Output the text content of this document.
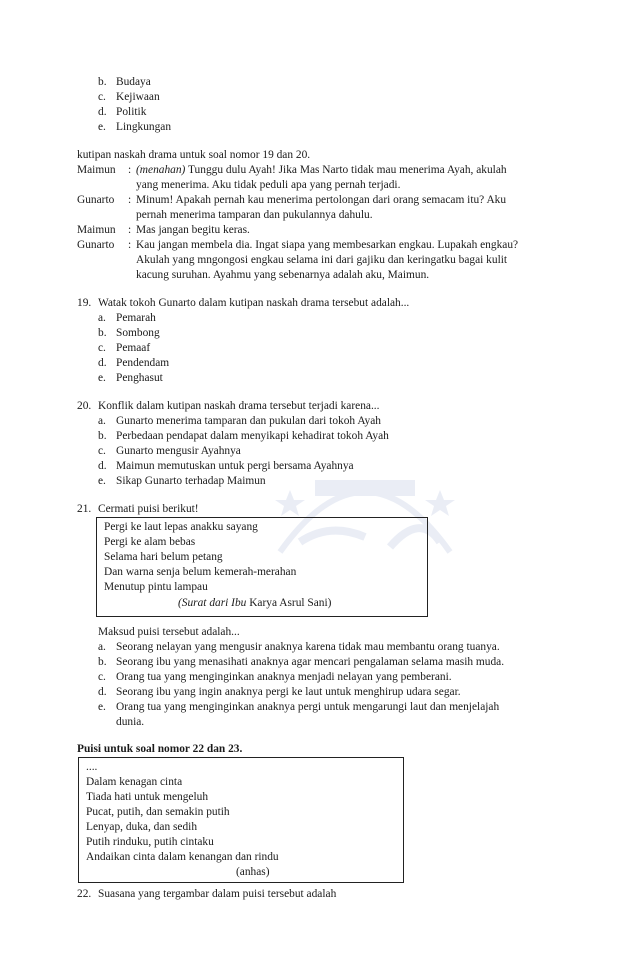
b. Budaya
c. Kejiwaan
d. Politik
e. Lingkungan
kutipan naskah drama untuk soal nomor 19 dan 20.
Maimun : (menahan) Tunggu dulu Ayah! Jika Mas Narto tidak mau menerima Ayah, akulah
yang menerima. Aku tidak peduli apa yang pernah terjadi.
Gunarto : Minum! Apakah pernah kau menerima pertolongan dari orang semacam itu? Aku
pernah menerima tamparan dan pukulannya dahulu.
Maimun : Mas jangan begitu keras.
Gunarto : Kau jangan membela dia. Ingat siapa yang membesarkan engkau. Lupakah engkau?
Akulah yang mngongosi engkau selama ini dari gajiku dan keringatku bagai kulit
kacung suruhan. Ayahmu yang sebenarnya adalah aku, Maimun.
19. Watak tokoh Gunarto dalam kutipan naskah drama tersebut adalah...
a. Pemarah
b. Sombong
c. Pemaaf
d. Pendendam
e. Penghasut
20. Konflik dalam kutipan naskah drama tersebut terjadi karena...
a. Gunarto menerima tamparan dan pukulan dari tokoh Ayah
b. Perbedaan pendapat dalam menyikapi kehadirat tokoh Ayah
c. Gunarto mengusir Ayahnya
d. Maimun memutuskan untuk pergi bersama Ayahnya
e. Sikap Gunarto terhadap Maimun
21. Cermati puisi berikut!
Pergi ke laut lepas anakku sayang
Pergi ke alam bebas
Selama hari belum petang
Dan warna senja belum kemerah-merahan
Menutup pintu lampau
(Surat dari Ibu Karya Asrul Sani)
Maksud puisi tersebut adalah...
a. Seorang nelayan yang mengusir anaknya karena tidak mau membantu orang tuanya.
b. Seorang ibu yang menasihati anaknya agar mencari pengalaman selama masih muda.
c. Orang tua yang menginginkan anaknya menjadi nelayan yang pemberani.
d. Seorang ibu yang ingin anaknya pergi ke laut untuk menghirup udara segar.
e. Orang tua yang menginginkan anaknya pergi untuk mengarungi laut dan menjelajah
dunia.
Puisi untuk soal nomor 22 dan 23.
....
Dalam kenagan cinta
Tiada hati untuk mengeluh
Pucat, putih, dan semakin putih
Lenyap, duka, dan sedih
Putih rinduku, putih cintaku
Andaikan cinta dalam kenangan dan rindu
(anhas)
22. Suasana yang tergambar dalam puisi tersebut adalah
